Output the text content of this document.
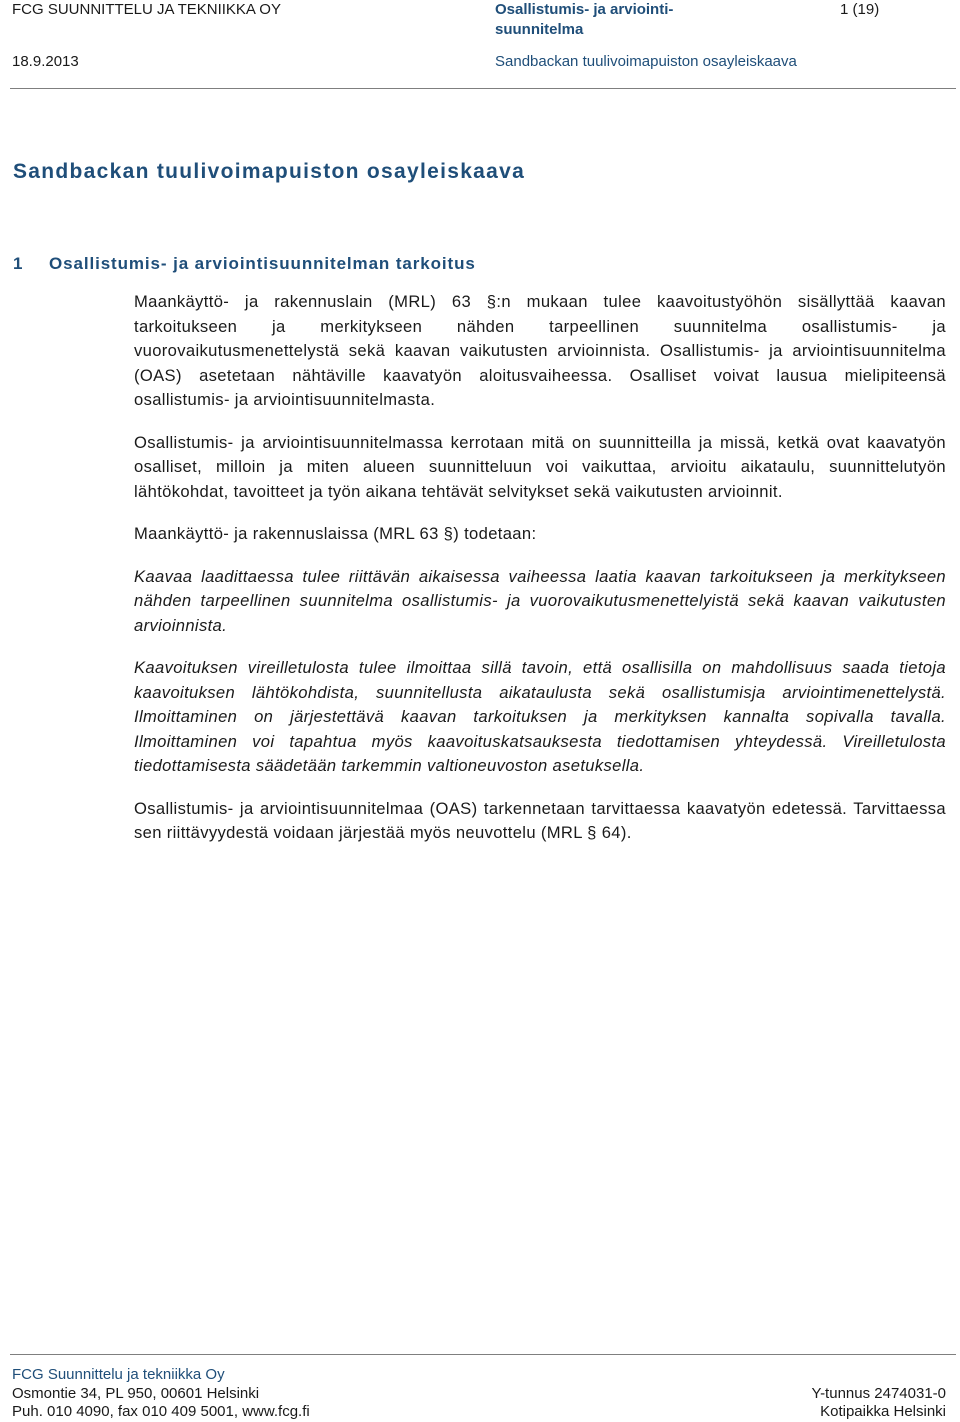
FCG SUUNNITTELU JA TEKNIIKKA OY	Osallistumis- ja arviointi-suunnitelma
1 (19)
18.9.2013	Sandbackan tuulivoimapuiston osayleiskaava
Sandbackan tuulivoimapuiston osayleiskaava
1 Osallistumis- ja arviointisuunnitelman tarkoitus

Maankäyttö- ja rakennuslain (MRL) 63 §:n mukaan tulee kaavoitustyöhön sisällyttää kaavan tarkoitukseen ja merkitykseen nähden tarpeellinen suunnitelma osallistumis- ja vuorovaikutusmenettelystä sekä kaavan vaikutusten arvioinnista. Osallistumis- ja arviointisuunnitelma (OAS) asetetaan nähtäville kaavatyön aloitusvaiheessa. Osalliset voivat lausua mielipiteensä osallistumis- ja arviointisuunnitelmasta.

Osallistumis- ja arviointisuunnitelmassa kerrotaan mitä on suunnitteilla ja missä, ketkä ovat kaavatyön osalliset, milloin ja miten alueen suunnitteluun voi vaikuttaa, arvioitu aikataulu, suunnittelutyön lähtökohdat, tavoitteet ja työn aikana tehtävät selvitykset sekä vaikutusten arvioinnit.

Maankäyttö- ja rakennuslaissa (MRL 63 §) todetaan:

Kaavaa laadittaessa tulee riittävän aikaisessa vaiheessa laatia kaavan tarkoitukseen ja merkitykseen nähden tarpeellinen suunnitelma osallistumis- ja vuorovaikutusmenettelyistä sekä kaavan vaikutusten arvioinnista.

Kaavoituksen vireilletulosta tulee ilmoittaa sillä tavoin, että osallisilla on mahdollisuus saada tietoja kaavoituksen lähtökohdista, suunnitellusta aikataulusta sekä osallistumisja arviointimenettelystä. Ilmoittaminen on järjestettävä kaavan tarkoituksen ja merkityksen kannalta sopivalla tavalla. Ilmoittaminen voi tapahtua myös kaavoituskatsauksesta tiedottamisen yhteydessä. Vireilletulosta tiedottamisesta säädetään tarkemmin valtioneuvoston asetuksella.

Osallistumis- ja arviointisuunnitelmaa (OAS) tarkennetaan tarvittaessa kaavatyön edetessä. Tarvittaessa sen riittävyydestä voidaan järjestää myös neuvottelu (MRL § 64).

FCG Suunnittelu ja tekniikka Oy
Osmontie 34, PL 950, 00601 Helsinki
Puh. 010 4090, fax 010 409 5001, www.fcg.fi
Y-tunnus 2474031-0
Kotipaikka Helsinki
